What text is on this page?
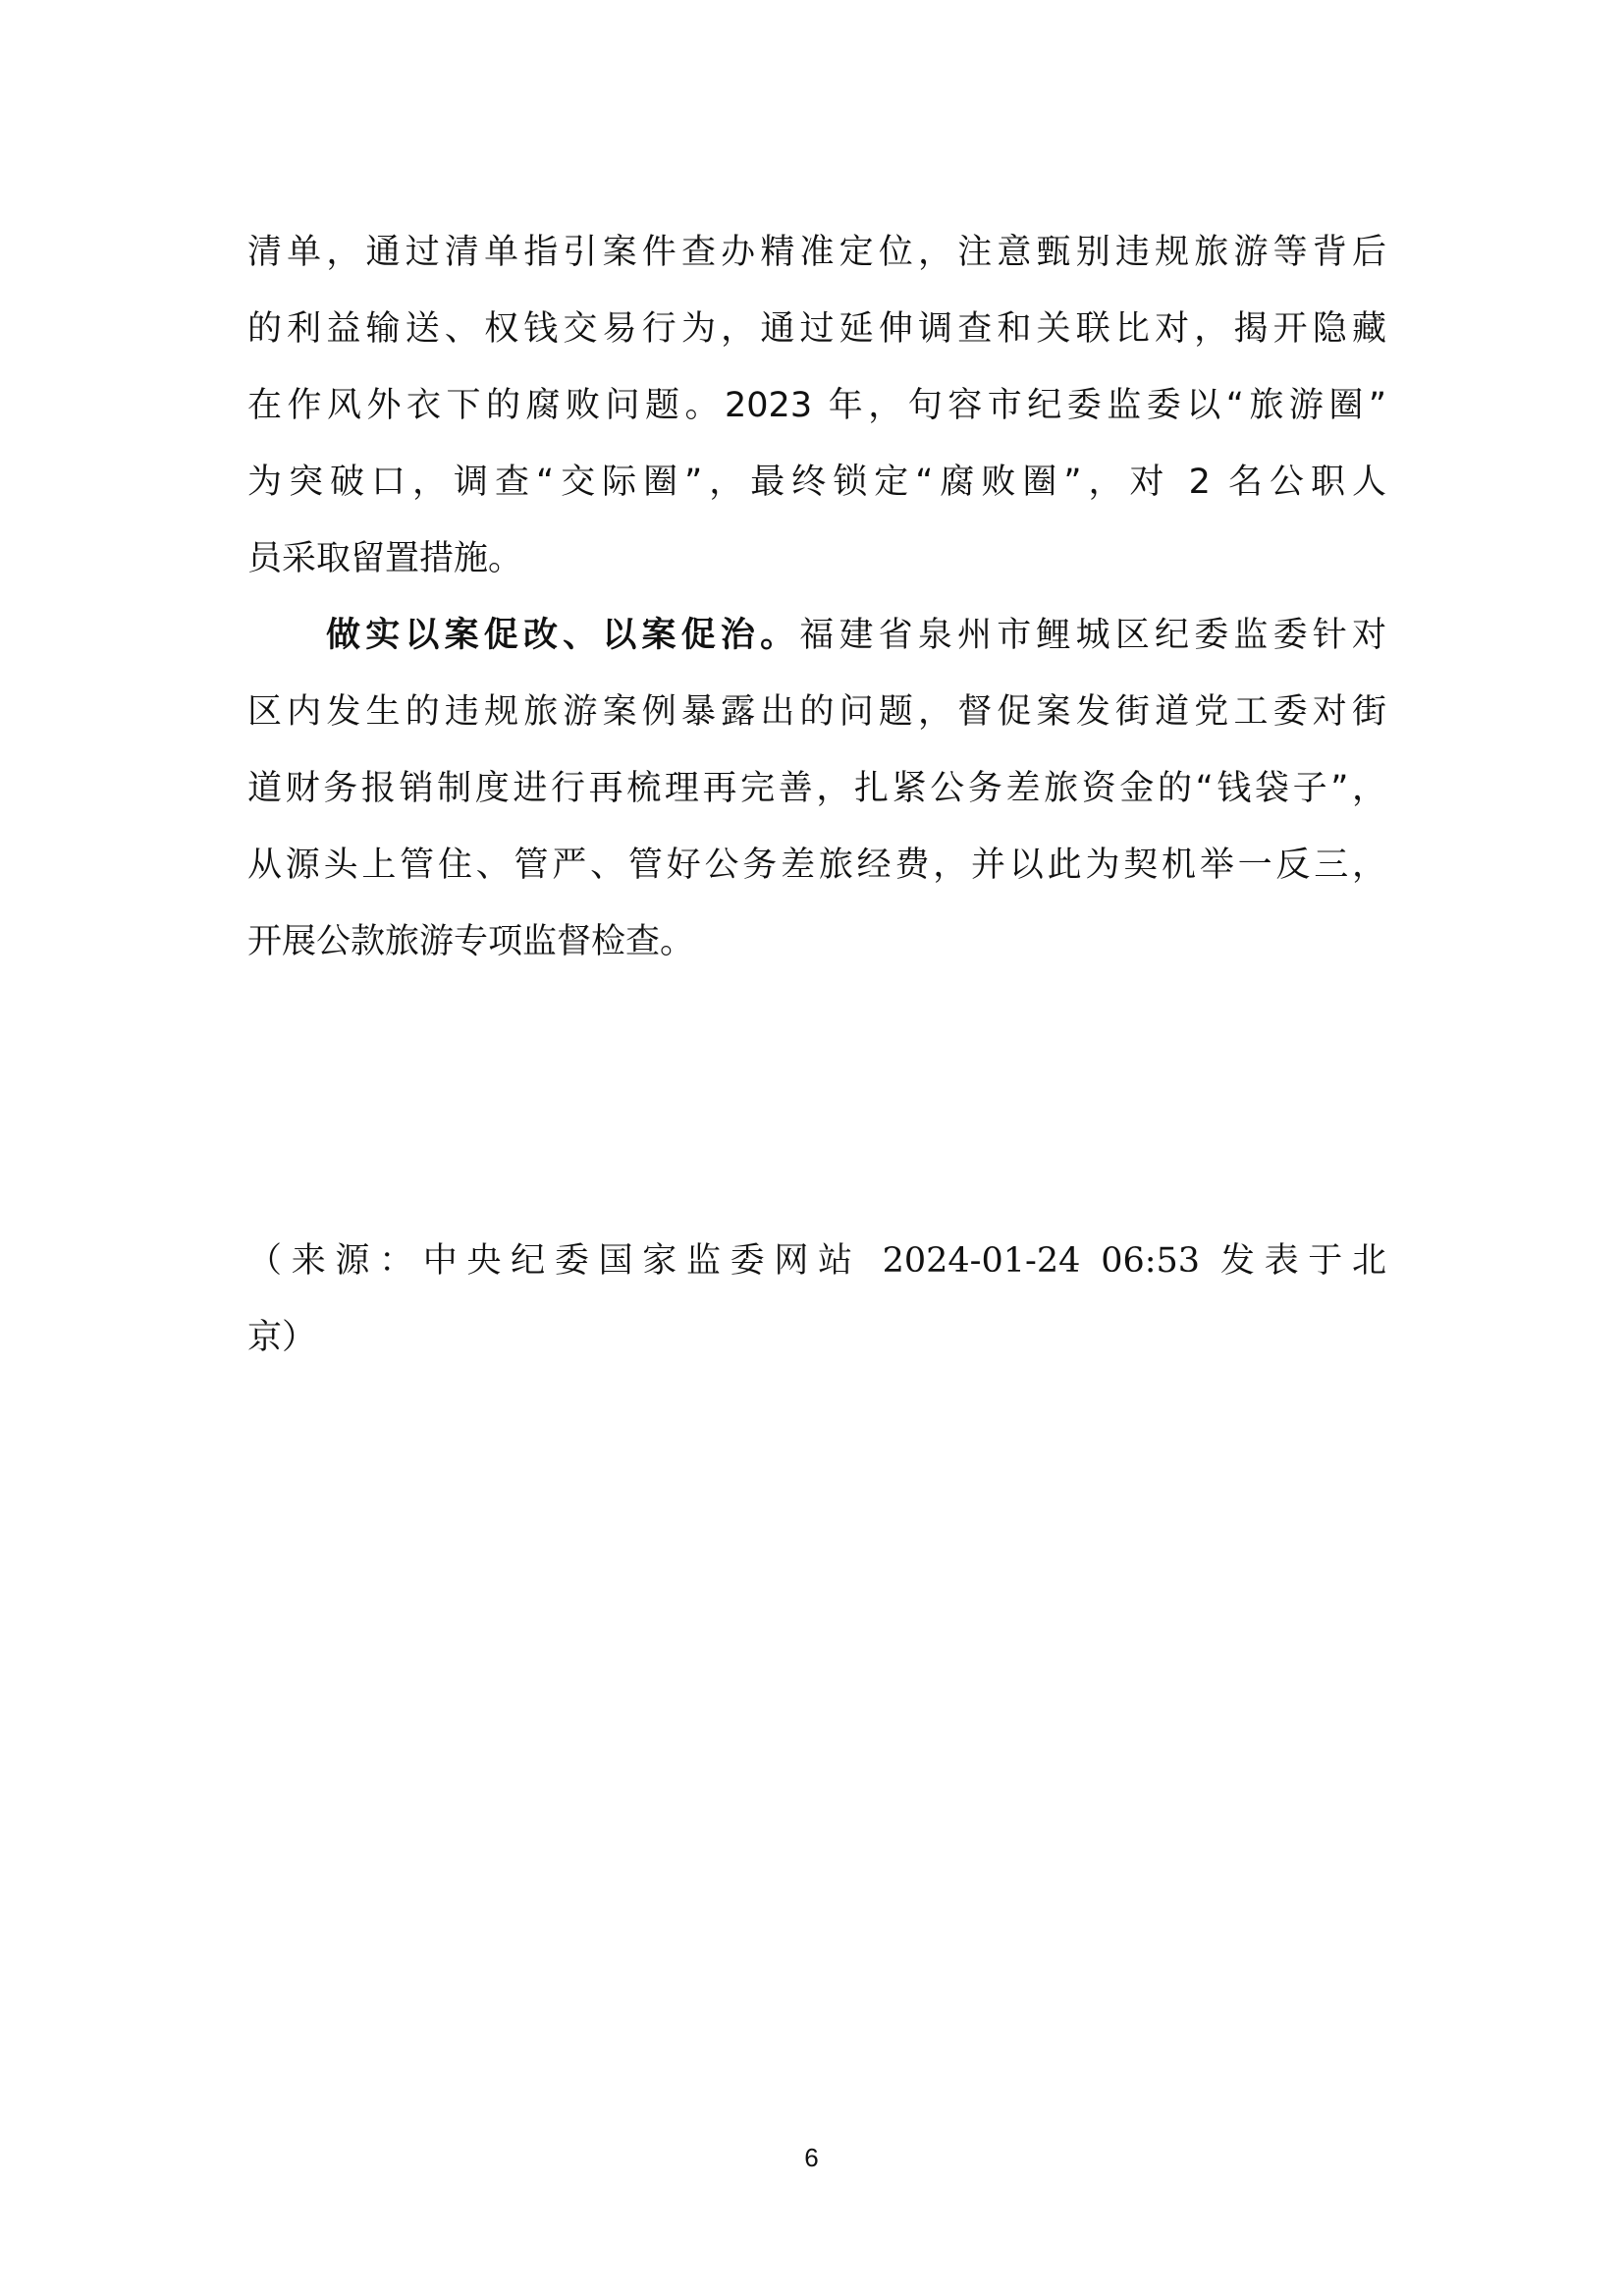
清单，通过清单指引案件查办精准定位，注意甄别违规旅游等背后
的利益输送、权钱交易行为，通过延伸调查和关联比对，揭开隐藏
在作风外衣下的腐败问题。2023 年，句容市纪委监委以“旅游圈”
为突破口，调查“交际圈”，最终锁定“腐败圈”，对 2 名公职人
员采取留置措施。
做实以案促改、以案促治。福建省泉州市鲤城区纪委监委针对
区内发生的违规旅游案例暴露出的问题，督促案发街道党工委对街
道财务报销制度进行再梳理再完善，扎紧公务差旅资金的“钱袋子”，
从源头上管住、管严、管好公务差旅经费，并以此为契机举一反三，
开展公款旅游专项监督检查。
（来源：中央纪委国家监委网站 2024-01-24 06:53 发表于北
京）
6
